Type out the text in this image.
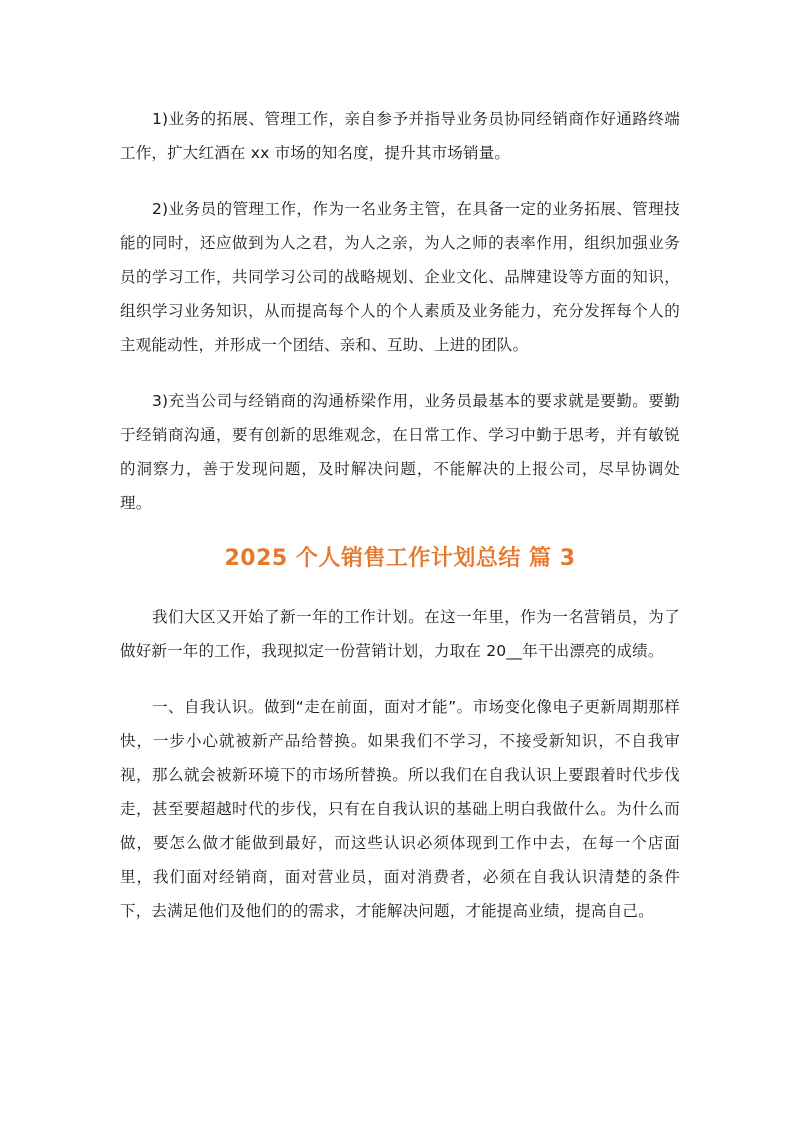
1)业务的拓展、管理工作，亲自参予并指导业务员协同经销商作好通路终端工作，扩大红酒在 xx 市场的知名度，提升其市场销量。

2)业务员的管理工作，作为一名业务主管，在具备一定的业务拓展、管理技能的同时，还应做到为人之君，为人之亲，为人之师的表率作用，组织加强业务员的学习工作，共同学习公司的战略规划、企业文化、品牌建设等方面的知识，组织学习业务知识，从而提高每个人的个人素质及业务能力，充分发挥每个人的主观能动性，并形成一个团结、亲和、互助、上进的团队。

3)充当公司与经销商的沟通桥梁作用，业务员最基本的要求就是要勤。要勤于经销商沟通，要有创新的思维观念，在日常工作、学习中勤于思考，并有敏锐的洞察力，善于发现问题，及时解决问题，不能解决的上报公司，尽早协调处理。

2025 个人销售工作计划总结 篇 3

我们大区又开始了新一年的工作计划。在这一年里，作为一名营销员，为了做好新一年的工作，我现拟定一份营销计划，力取在 20__年干出漂亮的成绩。

一、自我认识。做到“走在前面，面对才能”。市场变化像电子更新周期那样快，一步小心就被新产品给替换。如果我们不学习，不接受新知识，不自我审视，那么就会被新环境下的市场所替换。所以我们在自我认识上要跟着时代步伐走，甚至要超越时代的步伐，只有在自我认识的基础上明白我做什么。为什么而做，要怎么做才能做到最好，而这些认识必须体现到工作中去，在每一个店面里，我们面对经销商，面对营业员，面对消费者，必须在自我认识清楚的条件下，去满足他们及他们的的需求，才能解决问题，才能提高业绩，提高自己。
